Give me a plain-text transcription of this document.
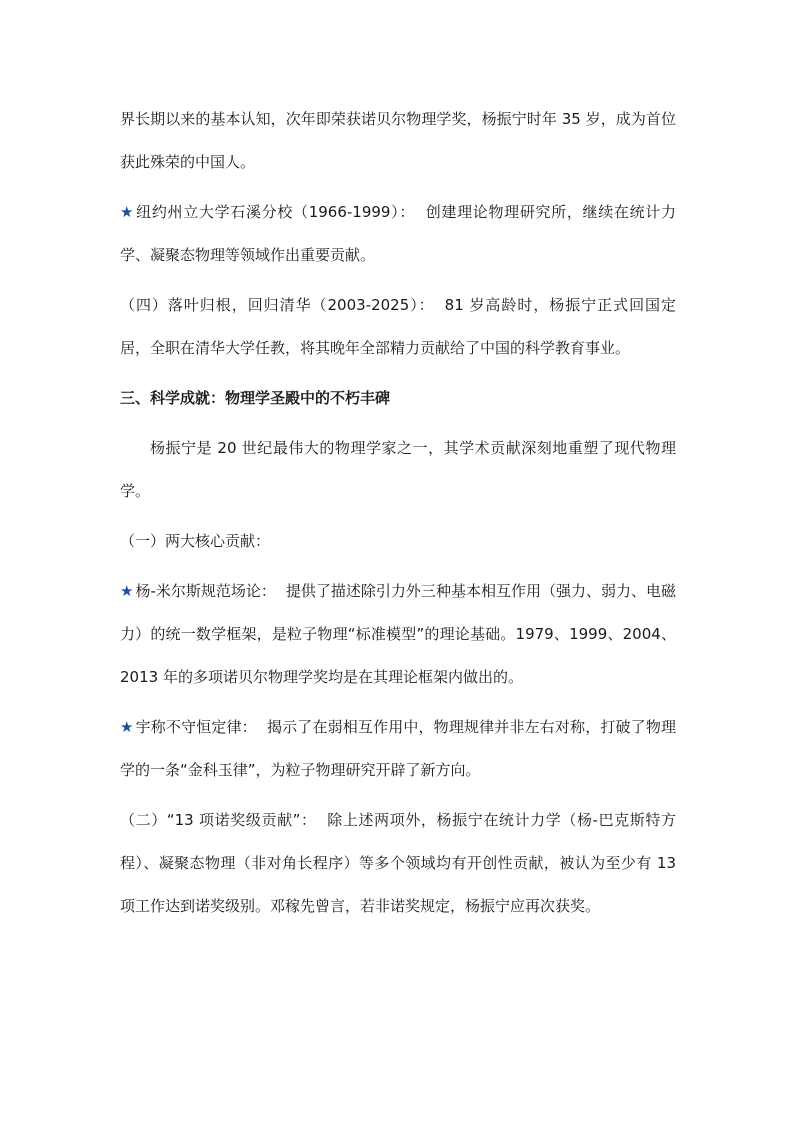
界长期以来的基本认知，次年即荣获诺贝尔物理学奖，杨振宁时年 35 岁，成为首位获此殊荣的中国人。

★ 纽约州立大学石溪分校（1966-1999）： 创建理论物理研究所，继续在统计力学、凝聚态物理等领域作出重要贡献。

（四）落叶归根，回归清华（2003-2025）： 81 岁高龄时，杨振宁正式回国定居，全职在清华大学任教，将其晚年全部精力贡献给了中国的科学教育事业。

三、科学成就：物理学圣殿中的不朽丰碑

杨振宁是 20 世纪最伟大的物理学家之一，其学术贡献深刻地重塑了现代物理学。

（一）两大核心贡献：

★ 杨-米尔斯规范场论： 提供了描述除引力外三种基本相互作用（强力、弱力、电磁力）的统一数学框架，是粒子物理“标准模型”的理论基础。1979、1999、2004、2013 年的多项诺贝尔物理学奖均是在其理论框架内做出的。

★ 宇称不守恒定律： 揭示了在弱相互作用中，物理规律并非左右对称，打破了物理学的一条“金科玉律”，为粒子物理研究开辟了新方向。

（二）“13 项诺奖级贡献”： 除上述两项外，杨振宁在统计力学（杨-巴克斯特方程）、凝聚态物理（非对角长程序）等多个领域均有开创性贡献，被认为至少有 13 项工作达到诺奖级别。邓稼先曾言，若非诺奖规定，杨振宁应再次获奖。
